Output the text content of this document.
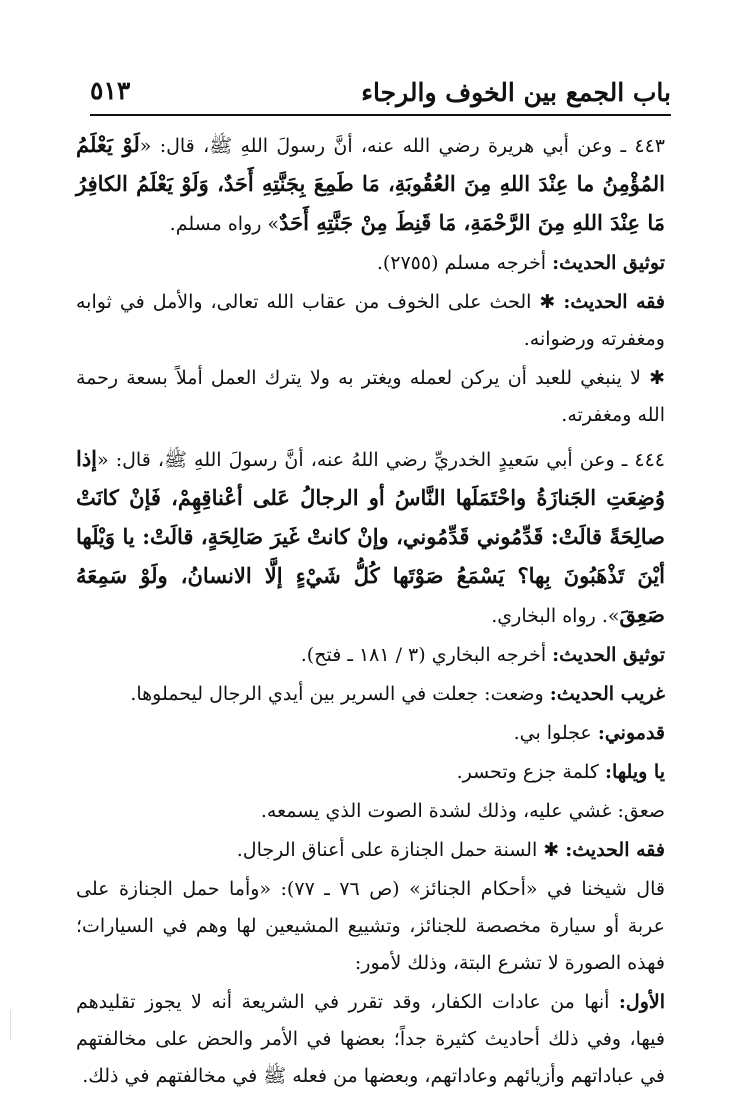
باب الجمع بين الخوف والرجاء
٥١٣

٤٤٣ ـ وعن أبي هريرة رضي الله عنه، أنَّ رسولَ اللهِ ﷺ، قال: «لَوْ يَعْلَمُ المُؤْمِنُ ما عِنْدَ اللهِ مِنَ العُقُوبَةِ، مَا طَمِعَ بِجَنَّتِهِ أَحَدٌ، وَلَوْ يَعْلَمُ الكافِرُ مَا عِنْدَ اللهِ مِنَ الرَّحْمَةِ، مَا قَنِطَ مِنْ جَنَّتِهِ أَحَدٌ» رواه مسلم.

توثيق الحديث: أخرجه مسلم (٢٧٥٥).

فقه الحديث: ✱ الحث على الخوف من عقاب الله تعالى، والأمل في ثوابه ومغفرته ورضوانه.

✱ لا ينبغي للعبد أن يركن لعمله ويغتر به ولا يترك العمل أملاً بسعة رحمة الله ومغفرته.

٤٤٤ ـ وعن أبي سَعيدٍ الخدريِّ رضي اللهُ عنه، أنَّ رسولَ اللهِ ﷺ، قال: «إذا وُضِعَتِ الجَنازَةُ واحْتَمَلَها النَّاسُ أو الرجالُ عَلى أعْناقِهِمْ، فَإنْ كانَتْ صالِحَةً قالَتْ: قَدِّمُوني قَدِّمُوني، وإنْ كانتْ غَيرَ صَالِحَةٍ، قالَتْ: يا وَيْلَها أيْنَ تَذْهَبُونَ بِها؟ يَسْمَعُ صَوْتَها كُلُّ شَيْءٍ إلَّا الانسانُ، ولَوْ سَمِعَهُ صَعِقَ». رواه البخاري.

توثيق الحديث: أخرجه البخاري (٣ / ١٨١ ـ فتح).

غريب الحديث: وضعت: جعلت في السرير بين أيدي الرجال ليحملوها.

قدموني: عجلوا بي.

يا ويلها: كلمة جزع وتحسر.

صعق: غشي عليه، وذلك لشدة الصوت الذي يسمعه.

فقه الحديث: ✱ السنة حمل الجنازة على أعناق الرجال.

قال شيخنا في «أحكام الجنائز» (ص ٧٦ ـ ٧٧): «وأما حمل الجنازة على عربة أو سيارة مخصصة للجنائز، وتشييع المشيعين لها وهم في السيارات؛ فهذه الصورة لا تشرع البتة، وذلك لأمور:

الأول: أنها من عادات الكفار، وقد تقرر في الشريعة أنه لا يجوز تقليدهم فيها، وفي ذلك أحاديث كثيرة جداً؛ بعضها في الأمر والحض على مخالفتهم في عباداتهم وأزيائهم وعاداتهم، وبعضها من فعله ﷺ في مخالفتهم في ذلك.
